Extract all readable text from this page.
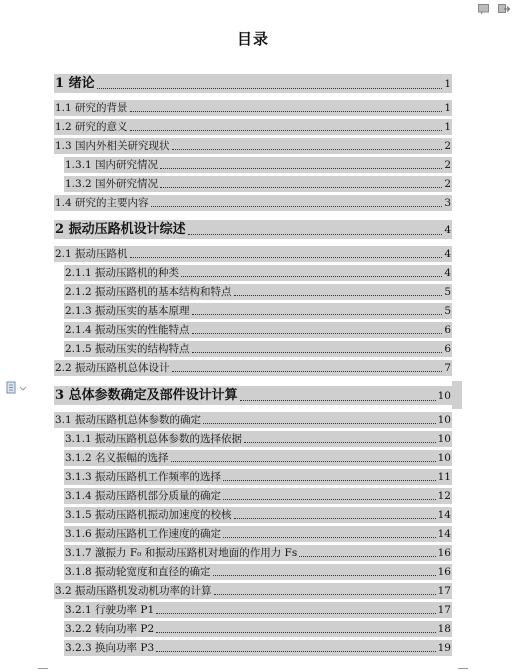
目录
1 绪论	1
1.1 研究的背景	1
1.2 研究的意义	1
1.3 国内外相关研究现状	2
1.3.1 国内研究情况	2
1.3.2 国外研究情况	2
1.4 研究的主要内容	3
2 振动压路机设计综述	4
2.1 振动压路机	4
2.1.1 振动压路机的种类	4
2.1.2 振动压路机的基本结构和特点	5
2.1.3 振动压实的基本原理	5
2.1.4 振动压实的性能特点	6
2.1.5 振动压实的结构特点	6
2.2 振动压路机总体设计	7
3 总体参数确定及部件设计计算	10
3.1 振动压路机总体参数的确定	10
3.1.1 振动压路机总体参数的选择依据	10
3.1.2 名义振幅的选择	10
3.1.3 振动压路机工作频率的选择	11
3.1.4 振动压路机部分质量的确定	12
3.1.5 振动压路机振动加速度的校核	14
3.1.6 振动压路机工作速度的确定	14
3.1.7 激振力 F₀ 和振动压路机对地面的作用力 Fs	16
3.1.8 振动轮宽度和直径的确定	16
3.2 振动压路机发动机功率的计算	17
3.2.1 行驶功率 P1	17
3.2.2 转向功率 P2	18
3.2.3 换向功率 P3	19
